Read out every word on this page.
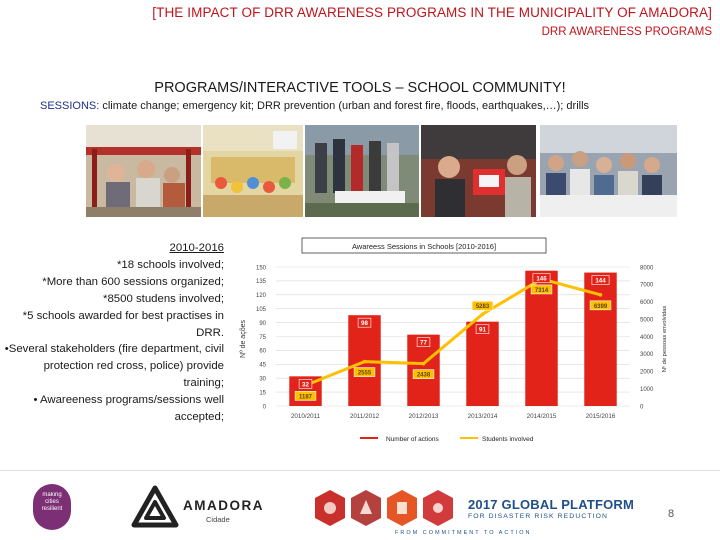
[THE IMPACT OF DRR AWARENESS PROGRAMS IN THE MUNICIPALITY OF AMADORA]
DRR AWARENESS PROGRAMS
PROGRAMS/INTERACTIVE TOOLS – SCHOOL COMMUNITY!
SESSIONS: climate change; emergency kit; DRR prevention (urban and forest fire, floods, earthquakes,…); drills
2010-2016
*18 schools involved;
*More than 600 sessions organized;
*8500 studens involved;
*5 schools awarded for best practises in DRR.
•Several stakeholders (fire department, civil protection red cross, police) provide training;
• Awareeness programs/sessions well accepted;
Awareess Sessions in Schools [2010-2016]
0
15
30
45
60
75
90
105
120
135
150
0
1000
2000
3000
4000
5000
6000
7000
8000
2010/2011	2011/2012	2012/2013	2013/2014	2014/2015	2015/2016
32
98
77
91
146	144
1187
2555	2438
5283
7314
6399
Nº de ações	Nº de pessoas envolvidas
Number of actions	Students involved
making cities resilient	AMADORA
Cidade
2017 GLOBAL PLATFORM
FOR DISASTER RISK REDUCTION
FROM COMMITMENT TO ACTION
8
